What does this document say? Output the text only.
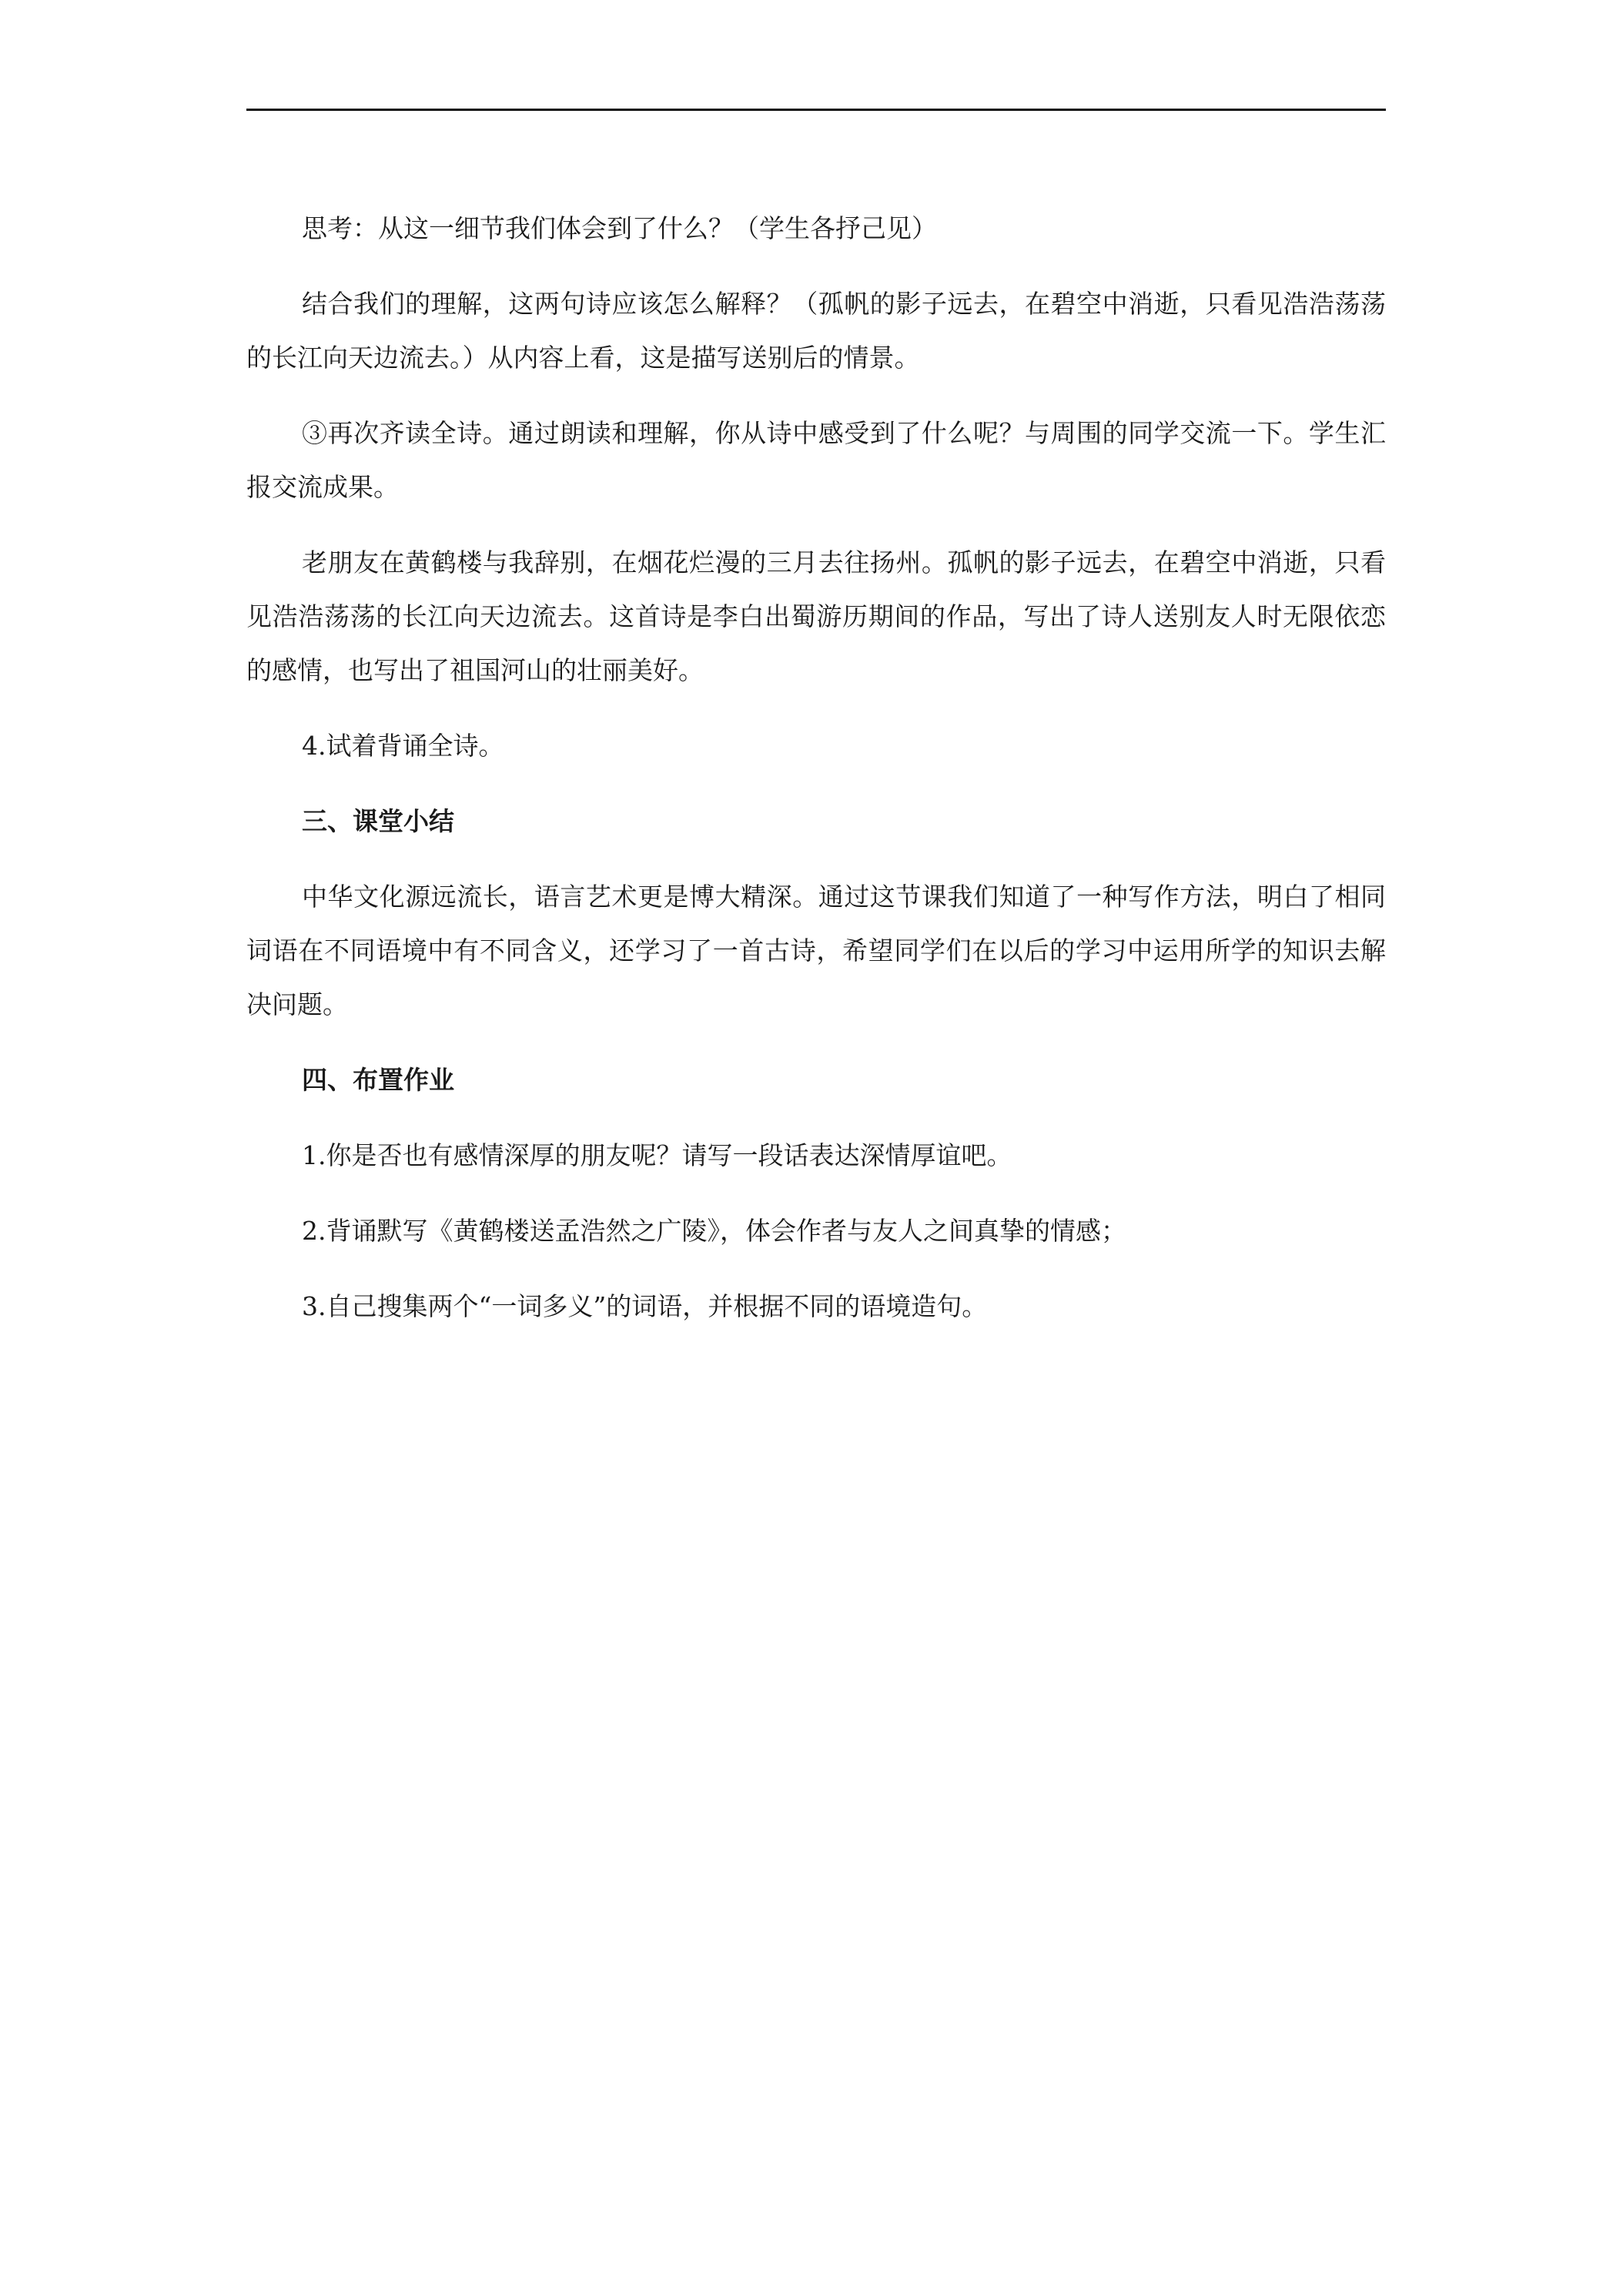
思考：从这一细节我们体会到了什么？（学生各抒己见）

结合我们的理解，这两句诗应该怎么解释？（孤帆的影子远去，在碧空中消逝，只看见浩浩荡荡的长江向天边流去。）从内容上看，这是描写送别后的情景。

③再次齐读全诗。通过朗读和理解，你从诗中感受到了什么呢？与周围的同学交流一下。学生汇报交流成果。

老朋友在黄鹤楼与我辞别，在烟花烂漫的三月去往扬州。孤帆的影子远去，在碧空中消逝，只看见浩浩荡荡的长江向天边流去。这首诗是李白出蜀游历期间的作品，写出了诗人送别友人时无限依恋的感情，也写出了祖国河山的壮丽美好。

4.试着背诵全诗。

三、课堂小结

中华文化源远流长，语言艺术更是博大精深。通过这节课我们知道了一种写作方法，明白了相同词语在不同语境中有不同含义，还学习了一首古诗，希望同学们在以后的学习中运用所学的知识去解决问题。

四、布置作业

1.你是否也有感情深厚的朋友呢？请写一段话表达深情厚谊吧。

2.背诵默写《黄鹤楼送孟浩然之广陵》，体会作者与友人之间真挚的情感；

3.自己搜集两个“一词多义”的词语，并根据不同的语境造句。
